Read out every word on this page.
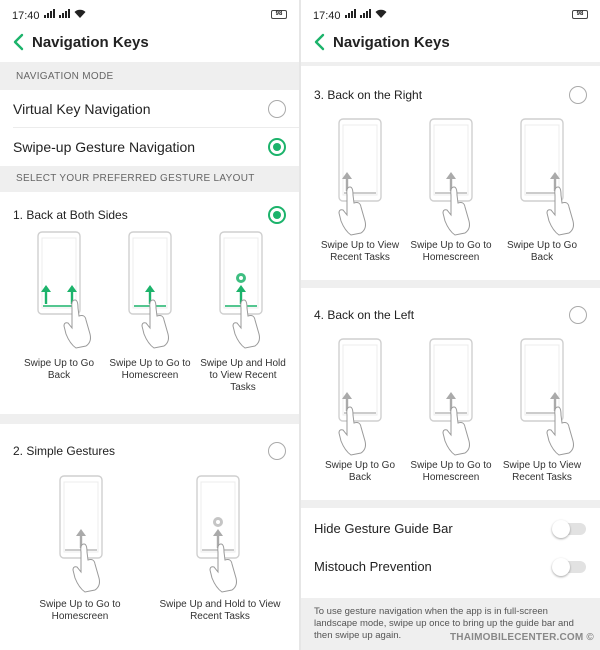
17:40	98
Navigation Keys
NAVIGATION MODE
Virtual Key Navigation
Swipe-up Gesture Navigation
SELECT YOUR PREFERRED GESTURE LAYOUT
1. Back at Both Sides
Swipe Up to Go Back
Swipe Up to Go to Homescreen
Swipe Up and Hold to View Recent Tasks
2. Simple Gestures
Swipe Up to Go to Homescreen
Swipe Up and Hold to View Recent Tasks
17:40	98
Navigation Keys
3. Back on the Right
Swipe Up to View Recent Tasks
Swipe Up to Go to Homescreen
Swipe Up to Go Back
4. Back on the Left
Swipe Up to Go Back
Swipe Up to Go to Homescreen
Swipe Up to View Recent Tasks
Hide Gesture Guide Bar
Mistouch Prevention
To use gesture navigation when the app is in full-screen landscape mode, swipe up once to bring up the guide bar and then swipe up again.	THAIMOBILECENTER.COM ©
